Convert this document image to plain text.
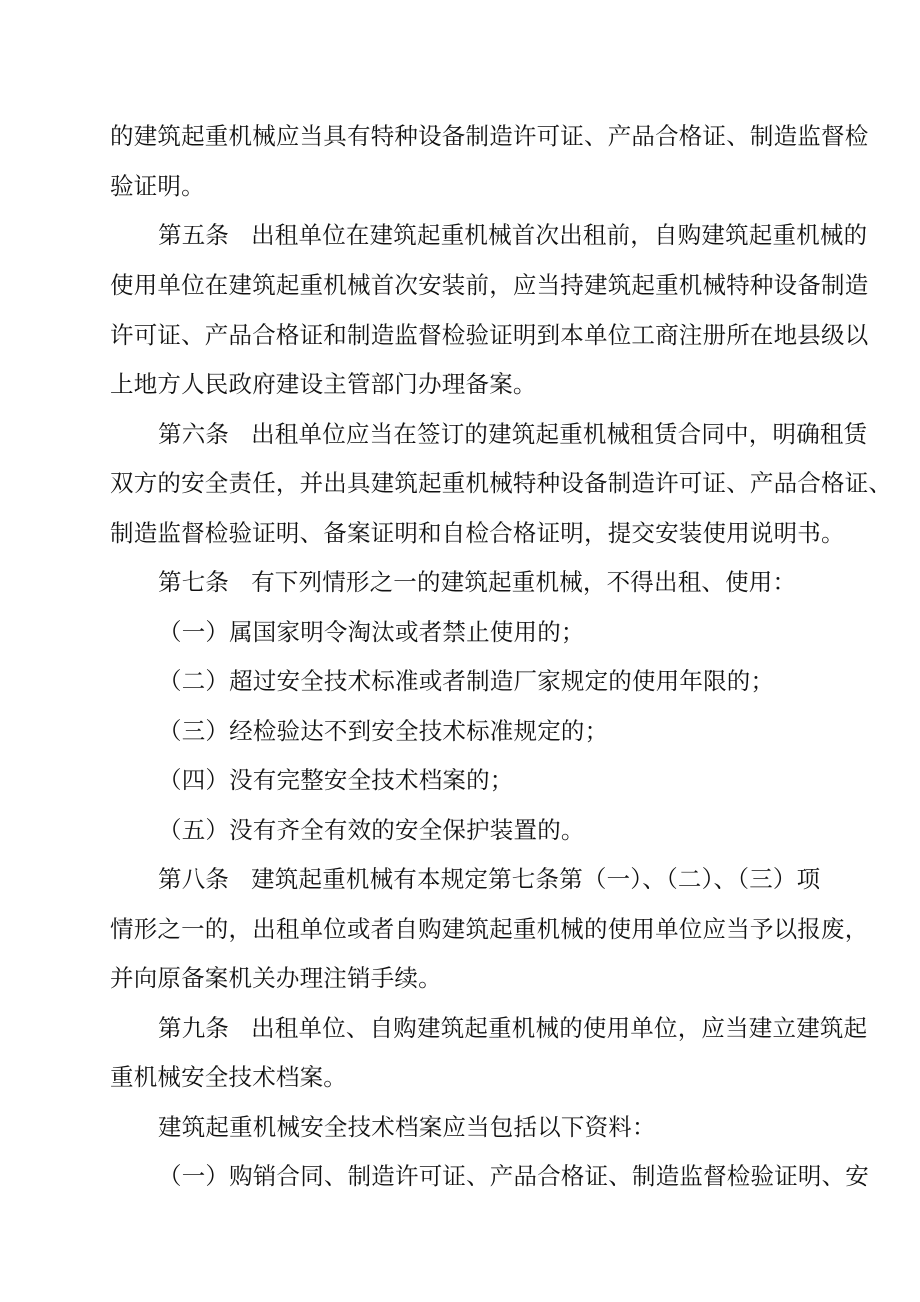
的建筑起重机械应当具有特种设备制造许可证、产品合格证、制造监督检
验证明。
第五条 出租单位在建筑起重机械首次出租前，自购建筑起重机械的
使用单位在建筑起重机械首次安装前，应当持建筑起重机械特种设备制造
许可证、产品合格证和制造监督检验证明到本单位工商注册所在地县级以
上地方人民政府建设主管部门办理备案。
第六条 出租单位应当在签订的建筑起重机械租赁合同中，明确租赁
双方的安全责任，并出具建筑起重机械特种设备制造许可证、产品合格证、
制造监督检验证明、备案证明和自检合格证明，提交安装使用说明书。
第七条 有下列情形之一的建筑起重机械，不得出租、使用：
（一）属国家明令淘汰或者禁止使用的；
（二）超过安全技术标准或者制造厂家规定的使用年限的；
（三）经检验达不到安全技术标准规定的；
（四）没有完整安全技术档案的；
（五）没有齐全有效的安全保护装置的。
第八条 建筑起重机械有本规定第七条第（一）、（二）、（三）项
情形之一的，出租单位或者自购建筑起重机械的使用单位应当予以报废，
并向原备案机关办理注销手续。
第九条 出租单位、自购建筑起重机械的使用单位，应当建立建筑起
重机械安全技术档案。
建筑起重机械安全技术档案应当包括以下资料：
（一）购销合同、制造许可证、产品合格证、制造监督检验证明、安
